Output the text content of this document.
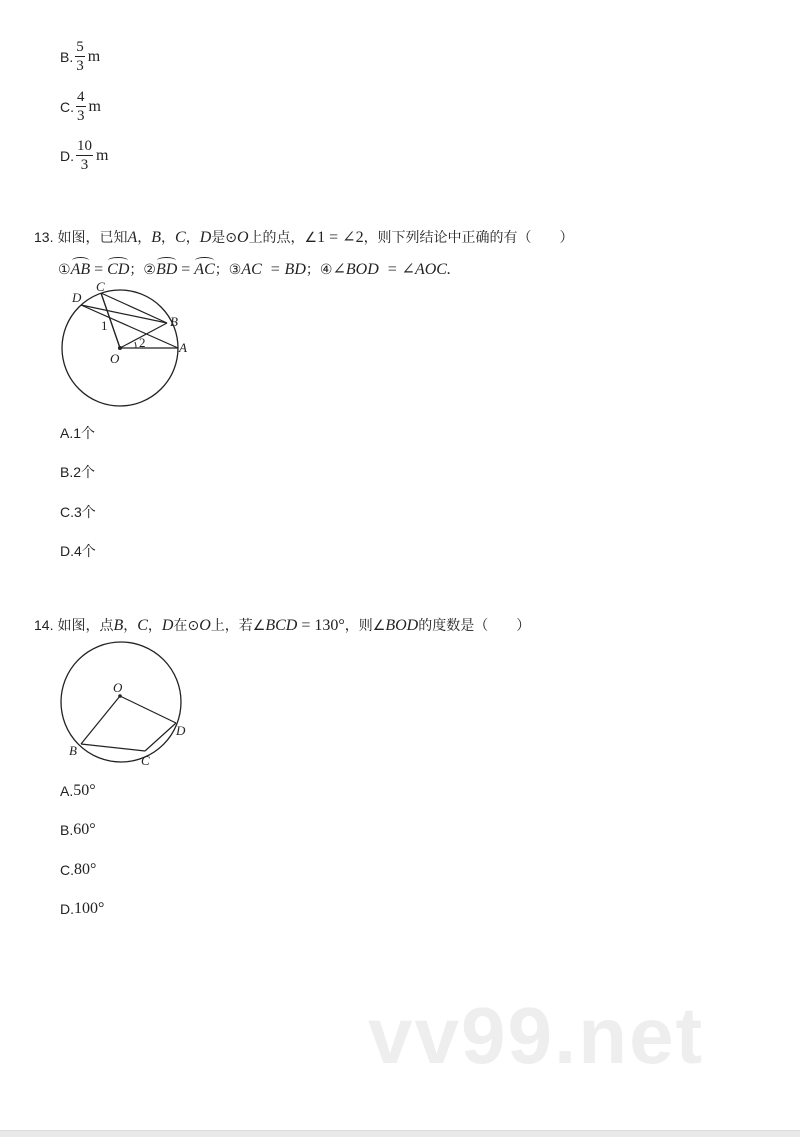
B. $\frac{5}{3}$ m
C. $\frac{4}{3}$ m
D. $\frac{10}{3}$ m
13. 如图，已知 A ， B ， C ， D 是⊙ O 上的点，∠ 1 = ∠ 2 ，则下列结论中正确的有（　　）
① AB = CD ； ② BD = AC ； ③ AC  = BD ； ④ ∠BOD  = ∠AOC.
D
C
B
A
O
1
2
A. 1个
B. 2个
C. 3个
D. 4个
14. 如图，点 B ， C ， D 在⊙ O 上，若∠ BCD = 130° ，则∠ BOD 的度数是（　　）
O
B
C
D
A. 50°
B. 60°
C. 80°
D. 100°
vv99.net
